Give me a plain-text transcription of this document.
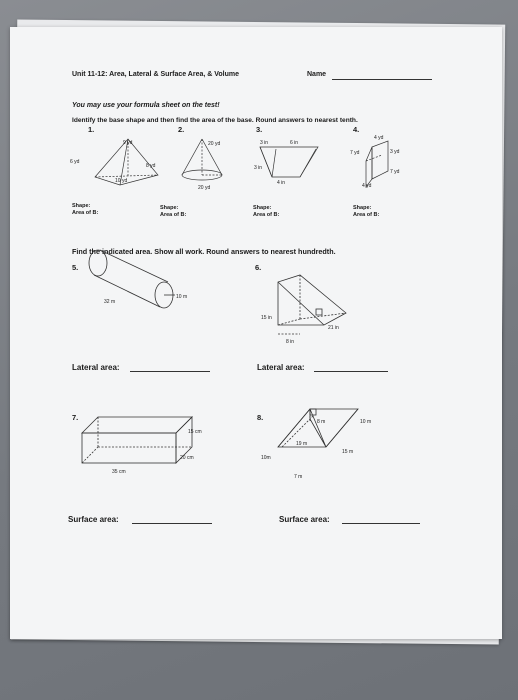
Unit 11-12: Area, Lateral & Surface Area, & Volume	Name
You may use your formula sheet on the test!
Identify the base shape and then find the area of the base. Round answers to nearest tenth.
1.	2.	3.	4.
9 yd
6 yd
8 yd
10 yd
20 yd
20 yd
3 in	6 in
3 in
4 in
4 yd
7 yd	3 yd
7 yd
4 yd
Shape:
Area of B:
Shape:
Area of B:
Shape:
Area of B:
Shape:
Area of B:
Find the indicated area. Show all work. Round answers to nearest hundredth.
5.	6.
32 m
10 m
15 in
8 in
21 in
15 cm
20 cm
35 cm
8 m	10 m
19 m
15 m
10m
7 m
Lateral area:
7.
Lateral area:
8.
Surface area:	Surface area:
